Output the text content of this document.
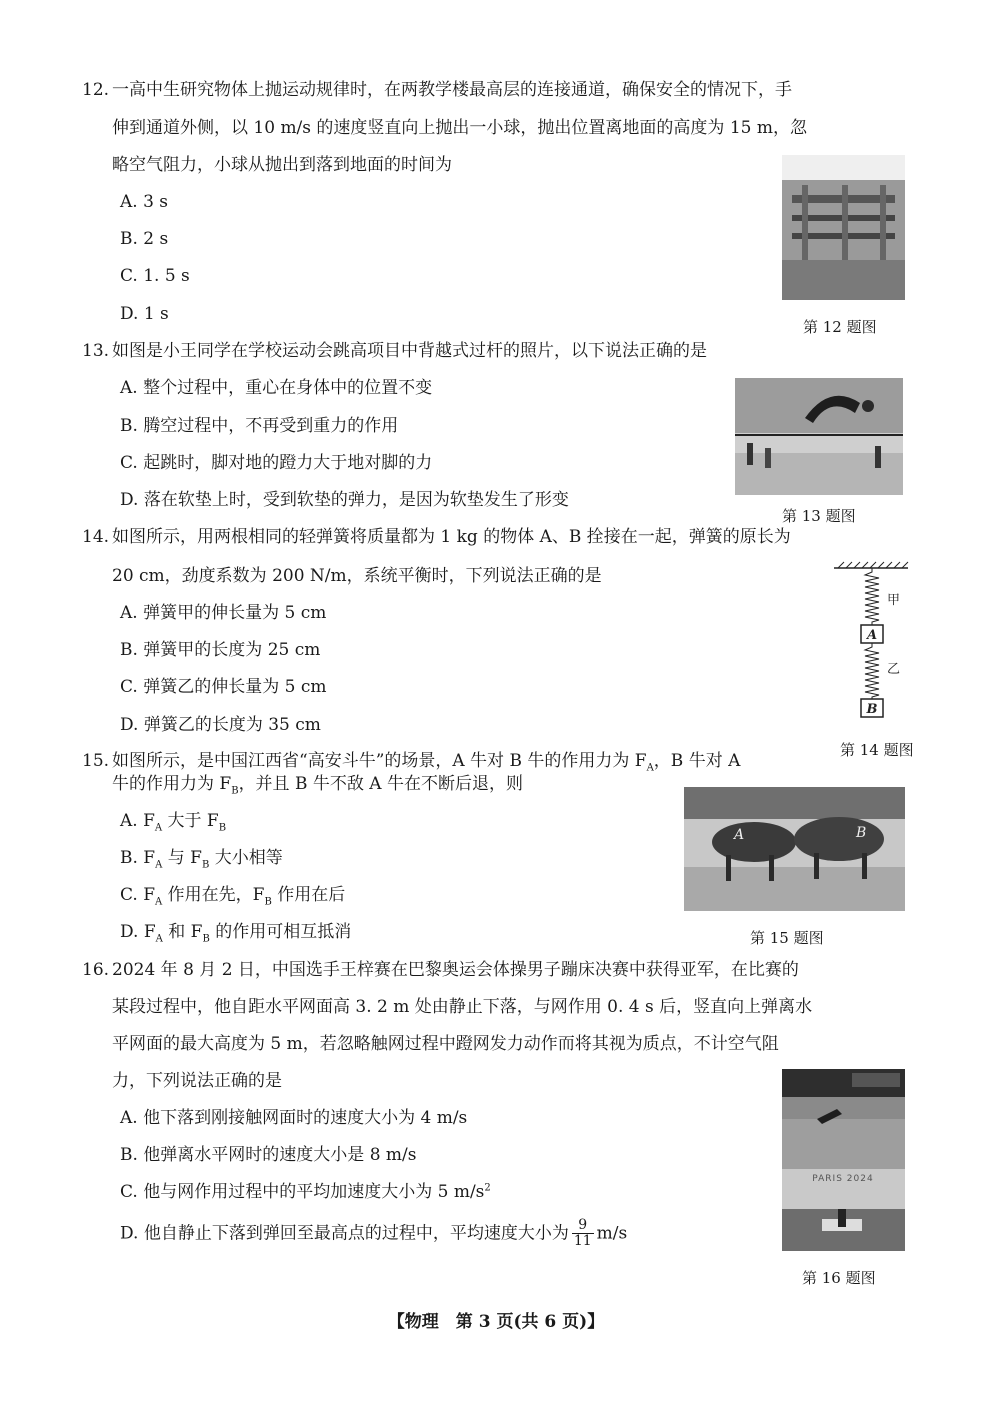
12. 一高中生研究物体上抛运动规律时，在两教学楼最高层的连接通道，确保安全的情况下，手
伸到通道外侧，以 10 m/s 的速度竖直向上抛出一小球，抛出位置离地面的高度为 15 m，忽
略空气阻力，小球从抛出到落到地面的时间为
A. 3 s
B. 2 s
C. 1. 5 s
D. 1 s
第 12 题图
13. 如图是小王同学在学校运动会跳高项目中背越式过杆的照片，以下说法正确的是
A. 整个过程中，重心在身体中的位置不变
B. 腾空过程中，不再受到重力的作用
C. 起跳时，脚对地的蹬力大于地对脚的力
D. 落在软垫上时，受到软垫的弹力，是因为软垫发生了形变
第 13 题图
14. 如图所示，用两根相同的轻弹簧将质量都为 1 kg 的物体 A、B 拴接在一起，弹簧的原长为
20 cm，劲度系数为 200 N/m，系统平衡时，下列说法正确的是
A. 弹簧甲的伸长量为 5 cm
B. 弹簧甲的长度为 25 cm
C. 弹簧乙的伸长量为 5 cm
D. 弹簧乙的长度为 35 cm
甲
A
乙
B
第 14 题图
15. 如图所示，是中国江西省“高安斗牛”的场景，A 牛对 B 牛的作用力为 $F_A$，B 牛对 A
牛的作用力为 $F_B$，并且 B 牛不敌 A 牛在不断后退，则
A. $F_A$ 大于 $F_B$
B. $F_A$ 与 $F_B$ 大小相等
C. $F_A$ 作用在先，$F_B$ 作用在后
D. $F_A$ 和 $F_B$ 的作用可相互抵消
A	B
第 15 题图
16. 2024 年 8 月 2 日，中国选手王梓赛在巴黎奥运会体操男子蹦床决赛中获得亚军，在比赛的
某段过程中，他自距水平网面高 3. 2 m 处由静止下落，与网作用 0. 4 s 后，竖直向上弹离水
平网面的最大高度为 5 m，若忽略触网过程中蹬网发力动作而将其视为质点，不计空气阻
力，下列说法正确的是
A. 他下落到刚接触网面时的速度大小为 4 m/s
B. 他弹离水平网时的速度大小是 8 m/s
C. 他与网作用过程中的平均加速度大小为 5 $m/s^2$
D. 他自静止下落到弹回至最高点的过程中，平均速度大小为 $\frac{9}{11} m/s$
PARIS 2024
第 16 题图
【物理　第 3 页(共 6 页)】
